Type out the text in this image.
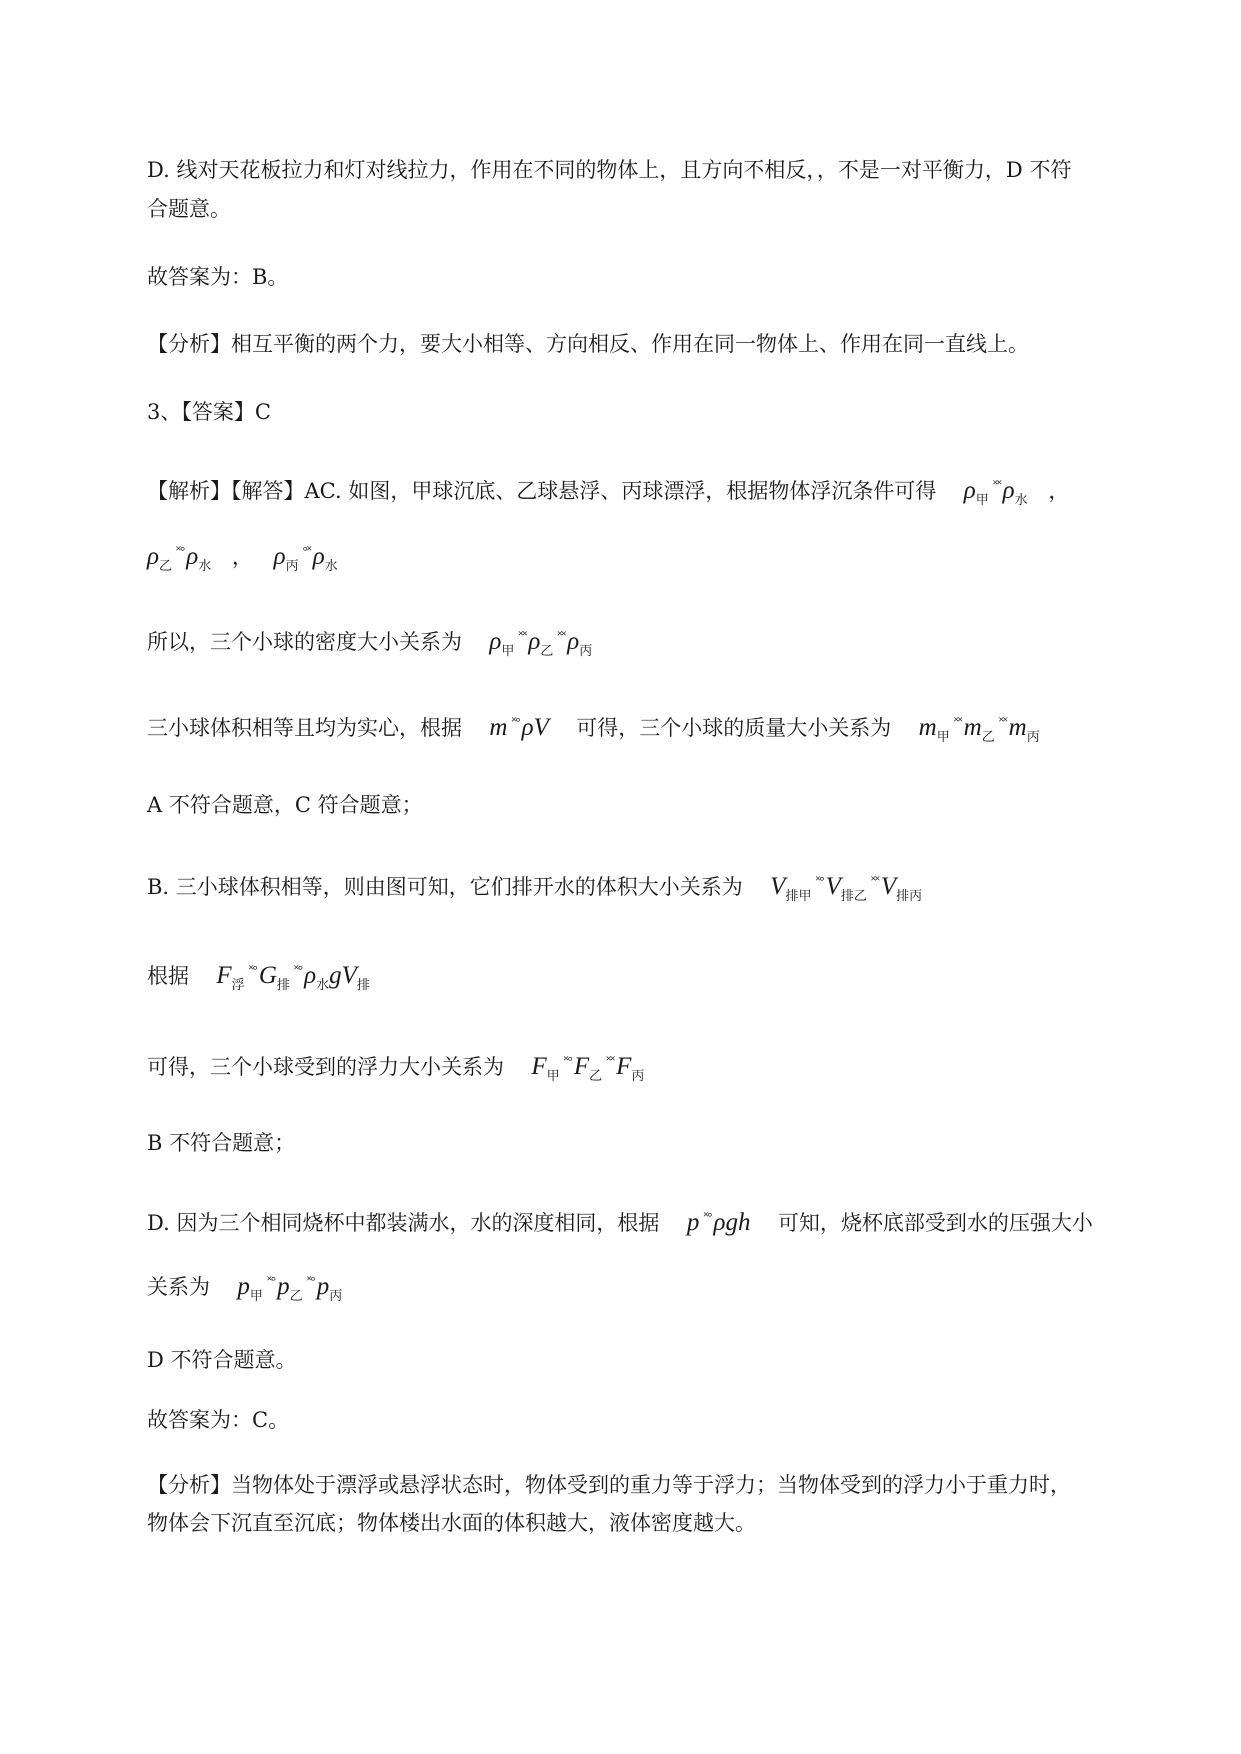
D. 线对天花板拉力和灯对线拉力，作用在不同的物体上，且方向不相反，，不是一对平衡力，D 不符
合题意。
故答案为：B。
【分析】相互平衡的两个力，要大小相等、方向相反、作用在同一物体上、作用在同一直线上。
3、【答案】C
【解析】【解答】AC. 如图，甲球沉底、乙球悬浮、丙球漂浮，根据物体浮沉条件可得 $\rho_甲^{˟˟}\rho_水$ ，
$\rho_乙^{˟^\circ}\rho_水$ ， $\rho_丙^{^\circ˟}\rho_水$
所以，三个小球的密度大小关系为 $\rho_甲^{˟˟}\rho_乙^{˟˟}\rho_丙$
三小球体积相等且均为实心，根据 m ˟°ρV 可得，三个小球的质量大小关系为 $m_甲^{˟˟}m_乙^{˟˟}m_丙$
A 不符合题意，C 符合题意；
B. 三小球体积相等，则由图可知，它们排开水的体积大小关系为 $V_{排甲}^{˟^\circ}V_{排乙}^{˟˟}V_{排丙}$
根据 $F_浮^{˟^\circ}G_排^{˟^\circ}\rho_水gV_排$
可得，三个小球受到的浮力大小关系为 $F_甲^{˟^\circ}F_乙^{˟˟}F_丙$
B 不符合题意；
D. 因为三个相同烧杯中都装满水，水的深度相同，根据 p ˟°ρgh 可知，烧杯底部受到水的压强大小
关系为 $p_甲^{˟^\circ}p_乙^{˟^\circ}p_丙$
D 不符合题意。
故答案为：C。
【分析】当物体处于漂浮或悬浮状态时，物体受到的重力等于浮力；当物体受到的浮力小于重力时，
物体会下沉直至沉底；物体楼出水面的体积越大，液体密度越大。
